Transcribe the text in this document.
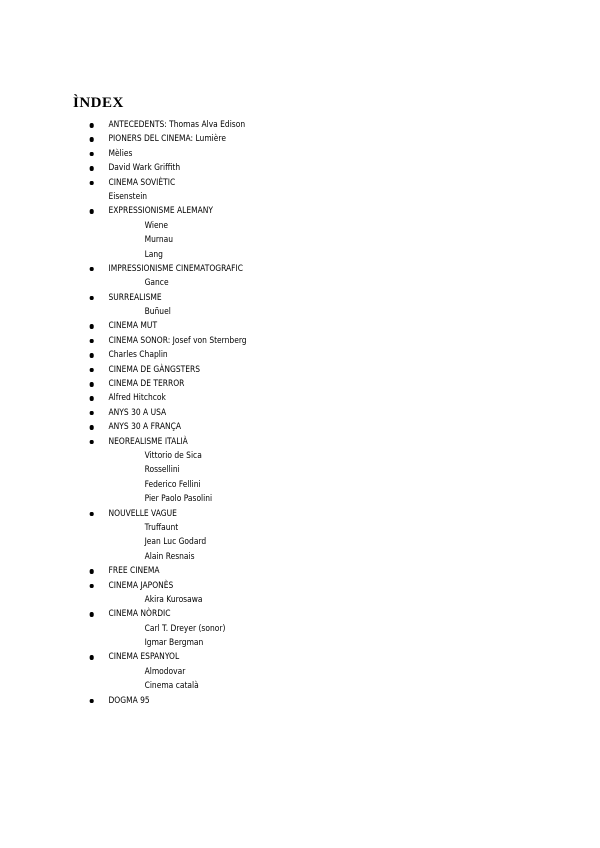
ÌNDEX
ANTECEDENTS: Thomas Alva Edison
PIONERS DEL CINEMA: Lumière
Mèlies
David Wark Griffith
CINEMA SOVIÈTIC
Eisenstein
EXPRESSIONISME ALEMANY
Wiene
Murnau
Lang
IMPRESSIONISME CINEMATOGRAFIC
Gance
SURREALISME
Buñuel
CINEMA MUT
CINEMA SONOR: Josef von Sternberg
Charles Chaplin
CINEMA DE GÀNGSTERS
CINEMA DE TERROR
Alfred Hitchcok
ANYS 30 A USA
ANYS 30 A FRANÇA
NEOREALISME ITALIÀ
Vittorio de Sica
Rossellini
Federico Fellini
Pier Paolo Pasolini
NOUVELLE VAGUE
Truffaunt
Jean Luc Godard
Alain Resnais
FREE CINEMA
CINEMA JAPONÈS
Akira Kurosawa
CINEMA NÒRDIC
Carl T. Dreyer (sonor)
Igmar Bergman
CINEMA ESPANYOL
Almodovar
Cinema català
DOGMA 95
